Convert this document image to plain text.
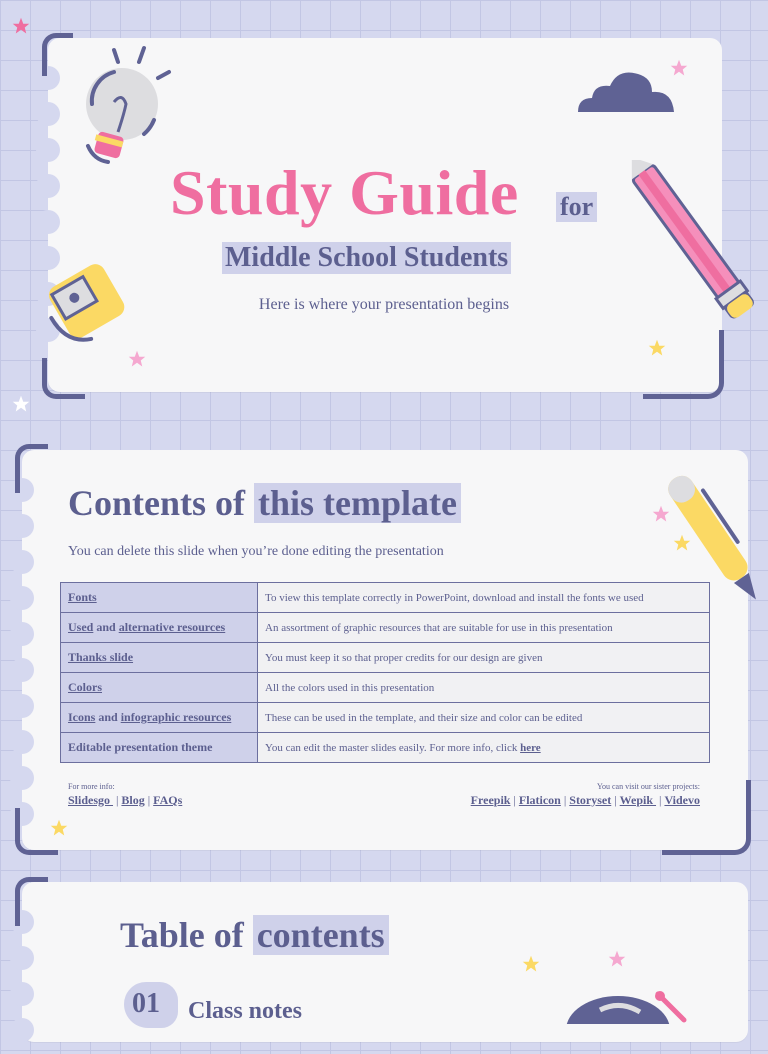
Study Guide for
Middle School Students
Here is where your presentation begins
Contents of this template
You can delete this slide when you’re done editing the presentation
Fonts	To view this template correctly in PowerPoint, download and install the fonts we used
Used and alternative resources	An assortment of graphic resources that are suitable for use in this presentation
Thanks slide	You must keep it so that proper credits for our design are given
Colors	All the colors used in this presentation
Icons and infographic resources	These can be used in the template, and their size and color can be edited
Editable presentation theme	You can edit the master slides easily. For more info, click here
For more info:
Slidesgo  | Blog | FAQs
You can visit our sister projects:
Freepik | Flaticon | Storyset | Wepik  | Videvo
Table of contents
01 Class notes
